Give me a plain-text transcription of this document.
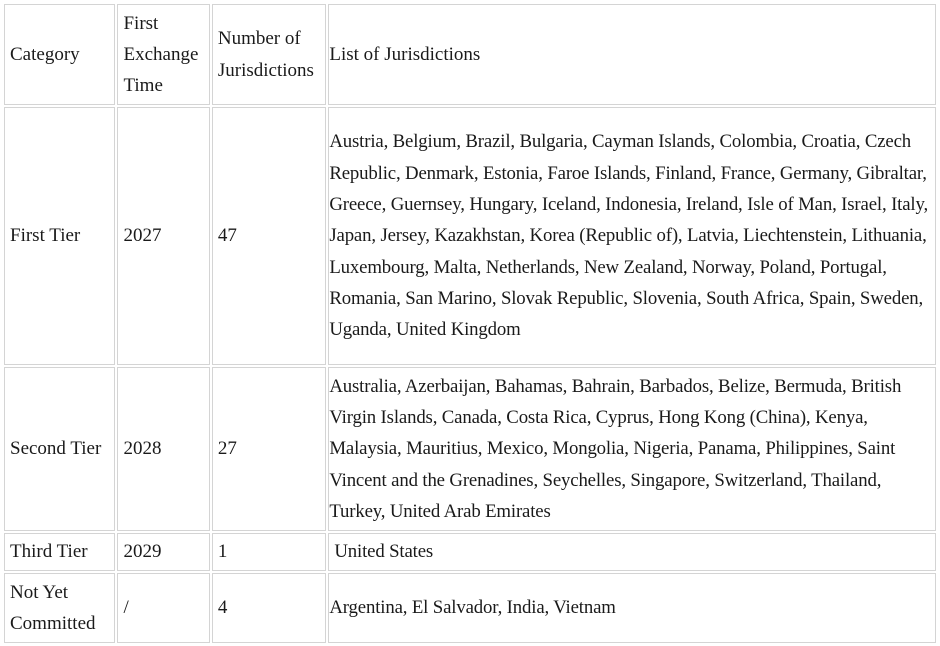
Category	First Exchange Time	Number of Jurisdictions	List of Jurisdictions
First Tier	2027	47	Austria, Belgium, Brazil, Bulgaria, Cayman Islands, Colombia, Croatia, Czech Republic, Denmark, Estonia, Faroe Islands, Finland, France, Germany, Gibraltar, Greece, Guernsey, Hungary, Iceland, Indonesia, Ireland, Isle of Man, Israel, Italy, Japan, Jersey, Kazakhstan, Korea (Republic of), Latvia, Liechtenstein, Lithuania, Luxembourg, Malta, Netherlands, New Zealand, Norway, Poland, Portugal, Romania, San Marino, Slovak Republic, Slovenia, South Africa, Spain, Sweden, Uganda, United Kingdom
Second Tier	2028	27	Australia, Azerbaijan, Bahamas, Bahrain, Barbados, Belize, Bermuda, British Virgin Islands, Canada, Costa Rica, Cyprus, Hong Kong (China), Kenya, Malaysia, Mauritius, Mexico, Mongolia, Nigeria, Panama, Philippines, Saint Vincent and the Grenadines, Seychelles, Singapore, Switzerland, Thailand, Turkey, United Arab Emirates
Third Tier	2029	1	United States
Not Yet Committed	/	4	Argentina, El Salvador, India, Vietnam
